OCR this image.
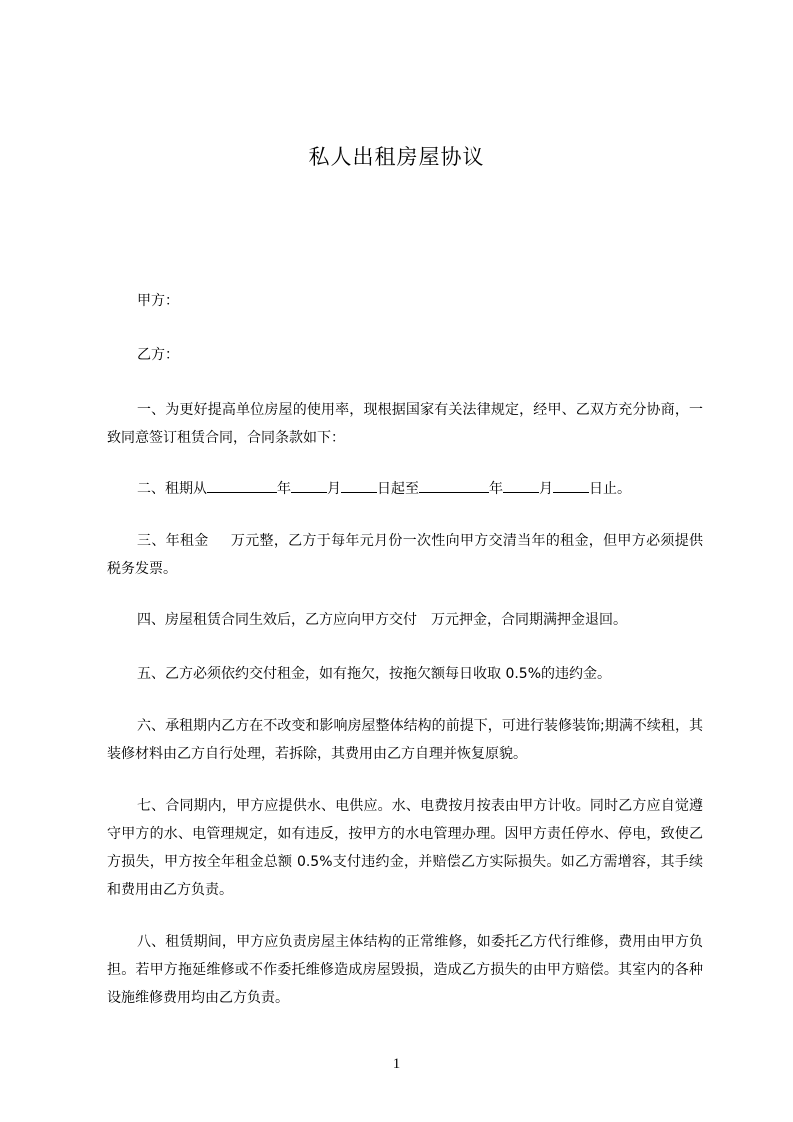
私人出租房屋协议
甲方：
乙方：
一、为更好提高单位房屋的使用率，现根据国家有关法律规定，经甲、乙双方充分协商，一致同意签订租赁合同，合同条款如下：
二、租期从	年	月	日起至	年	月	日止。
三、年租金 万元整，乙方于每年元月份一次性向甲方交清当年的租金，但甲方必须提供税务发票。
四、房屋租赁合同生效后，乙方应向甲方交付 万元押金，合同期满押金退回。
五、乙方必须依约交付租金，如有拖欠，按拖欠额每日收取 0.5%的违约金。
六、承租期内乙方在不改变和影响房屋整体结构的前提下，可进行装修装饰;期满不续租，其装修材料由乙方自行处理，若拆除，其费用由乙方自理并恢复原貌。
七、合同期内，甲方应提供水、电供应。水、电费按月按表由甲方计收。同时乙方应自觉遵守甲方的水、电管理规定，如有违反，按甲方的水电管理办理。因甲方责任停水、停电，致使乙方损失，甲方按全年租金总额 0.5%支付违约金，并赔偿乙方实际损失。如乙方需增容，其手续和费用由乙方负责。
八、租赁期间，甲方应负责房屋主体结构的正常维修，如委托乙方代行维修，费用由甲方负担。若甲方拖延维修或不作委托维修造成房屋毁损，造成乙方损失的由甲方赔偿。其室内的各种设施维修费用均由乙方负责。
1
